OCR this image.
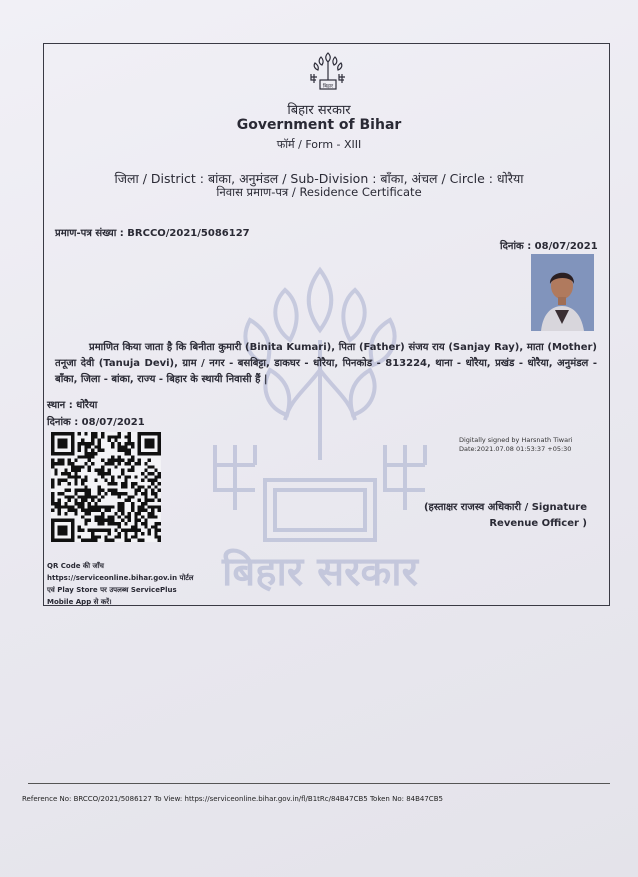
बिहार सरकार
बिहार
बिहार सरकार
Government of Bihar
फॉर्म / Form - XIII
जिला / District : बांका, अनुमंडल / Sub-Division : बाँका, अंचल / Circle : धोरैया
निवास प्रमाण-पत्र / Residence Certificate
प्रमाण-पत्र संख्या : BRCCO/2021/5086127
दिनांक : 08/07/2021
प्रमाणित किया जाता है कि बिनीता कुमारी (Binita Kumari), पिता (Father) संजय राय (Sanjay Ray), माता (Mother) तनूजा देवी (Tanuja Devi), ग्राम / नगर - बसबिट्टा, डाकघर - धोरैया, पिनकोड - 813224, थाना - धोरैया, प्रखंड - धोरैया, अनुमंडल - बाँका, जिला - बांका, राज्य - बिहार के स्थायी निवासी हैं |
स्थान : धोरैया
दिनांक : 08/07/2021
Digitally signed by Harsnath Tiwari
Date:2021.07.08 01:53:37 +05:30
(हस्ताक्षर राजस्व अधिकारी / Signature Revenue Officer )
QR Code की जाँच https://serviceonline.bihar.gov.in पोर्टल एवं Play Store पर उपलब्ध ServicePlus Mobile App से करें।
Reference No: BRCCO/2021/5086127 To View: https://serviceonline.bihar.gov.in/fl/B1tRc/84B47CB5 Token No: 84B47CB5
